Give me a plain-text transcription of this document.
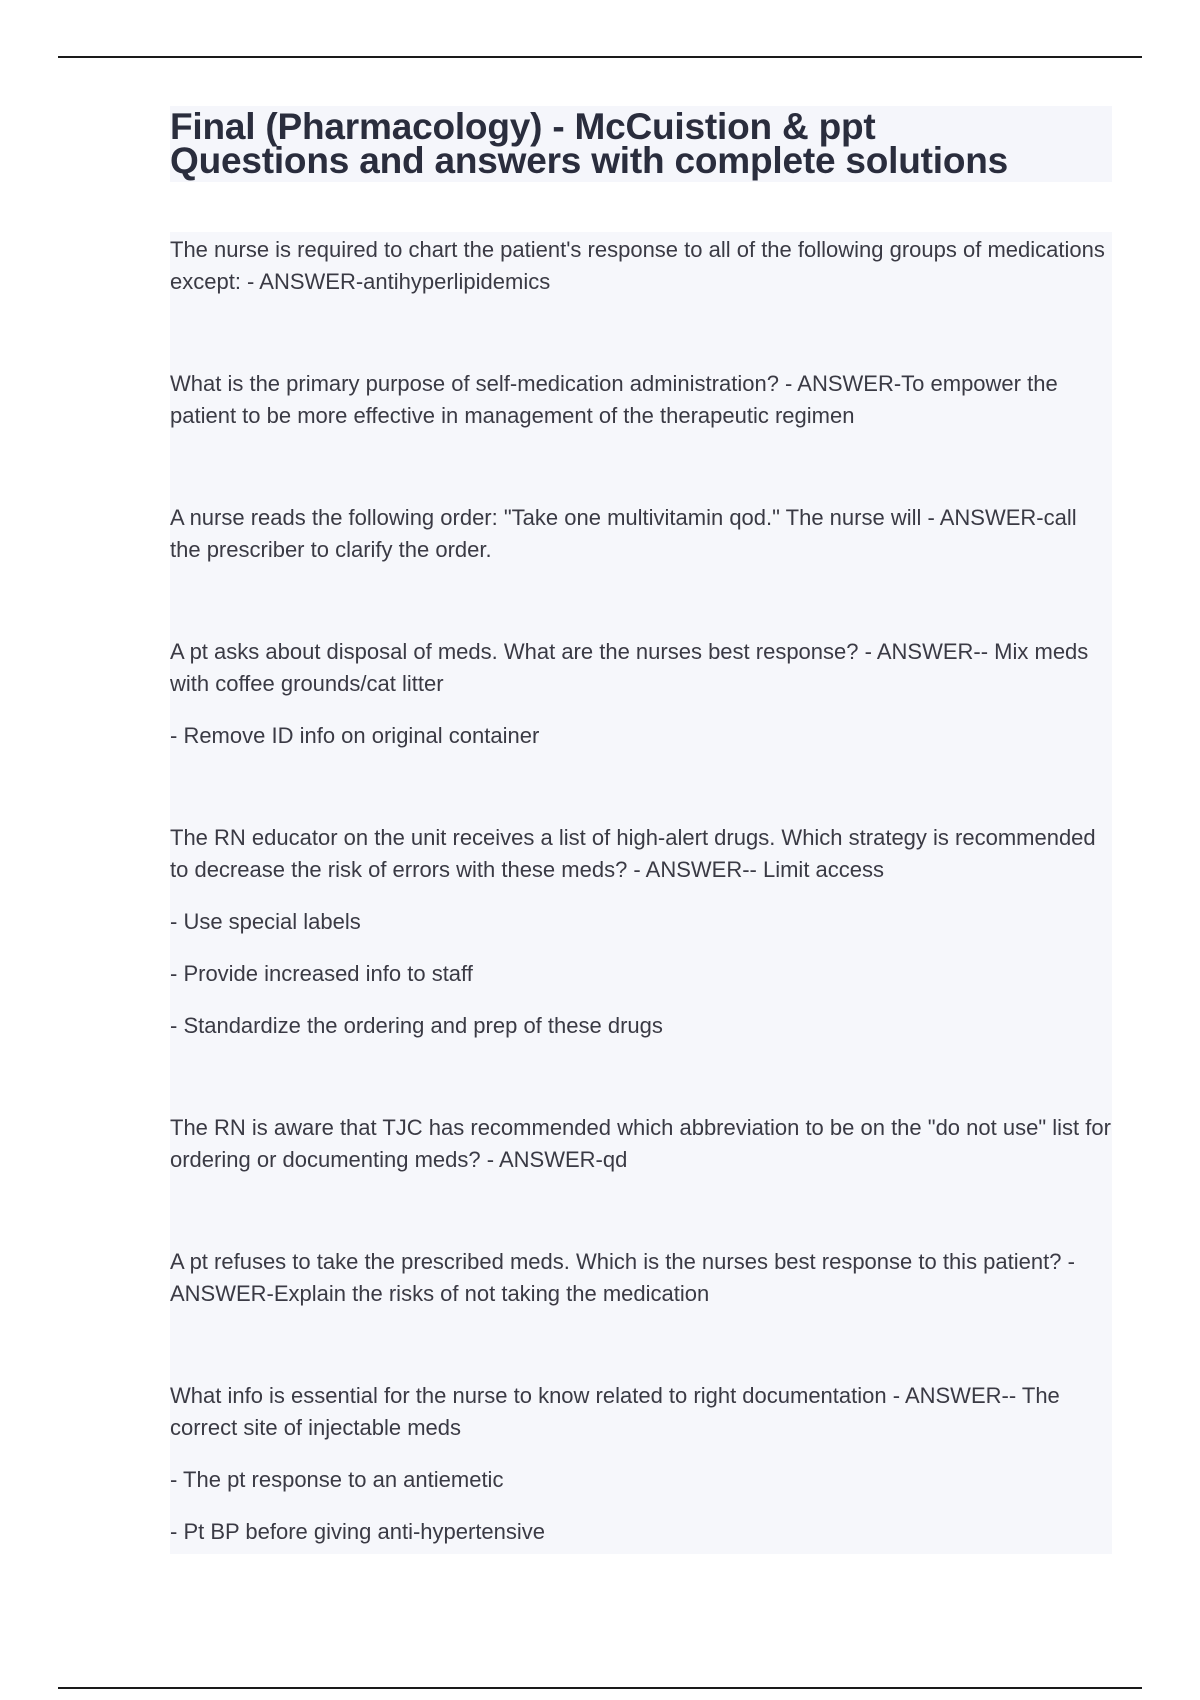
Final (Pharmacology) - McCuistion & ppt
Questions and answers with complete solutions

The nurse is required to chart the patient's response to all of the following groups of medications except: - ANSWER-antihyperlipidemics

What is the primary purpose of self-medication administration? - ANSWER-To empower the patient to be more effective in management of the therapeutic regimen

A nurse reads the following order: "Take one multivitamin qod." The nurse will - ANSWER-call the prescriber to clarify the order.

A pt asks about disposal of meds. What are the nurses best response? - ANSWER-- Mix meds with coffee grounds/cat litter

- Remove ID info on original container

The RN educator on the unit receives a list of high-alert drugs. Which strategy is recommended to decrease the risk of errors with these meds? - ANSWER-- Limit access

- Use special labels

- Provide increased info to staff

- Standardize the ordering and prep of these drugs

The RN is aware that TJC has recommended which abbreviation to be on the "do not use" list for ordering or documenting meds? - ANSWER-qd

A pt refuses to take the prescribed meds. Which is the nurses best response to this patient? - ANSWER-Explain the risks of not taking the medication

What info is essential for the nurse to know related to right documentation - ANSWER-- The correct site of injectable meds

- The pt response to an antiemetic

- Pt BP before giving anti-hypertensive
